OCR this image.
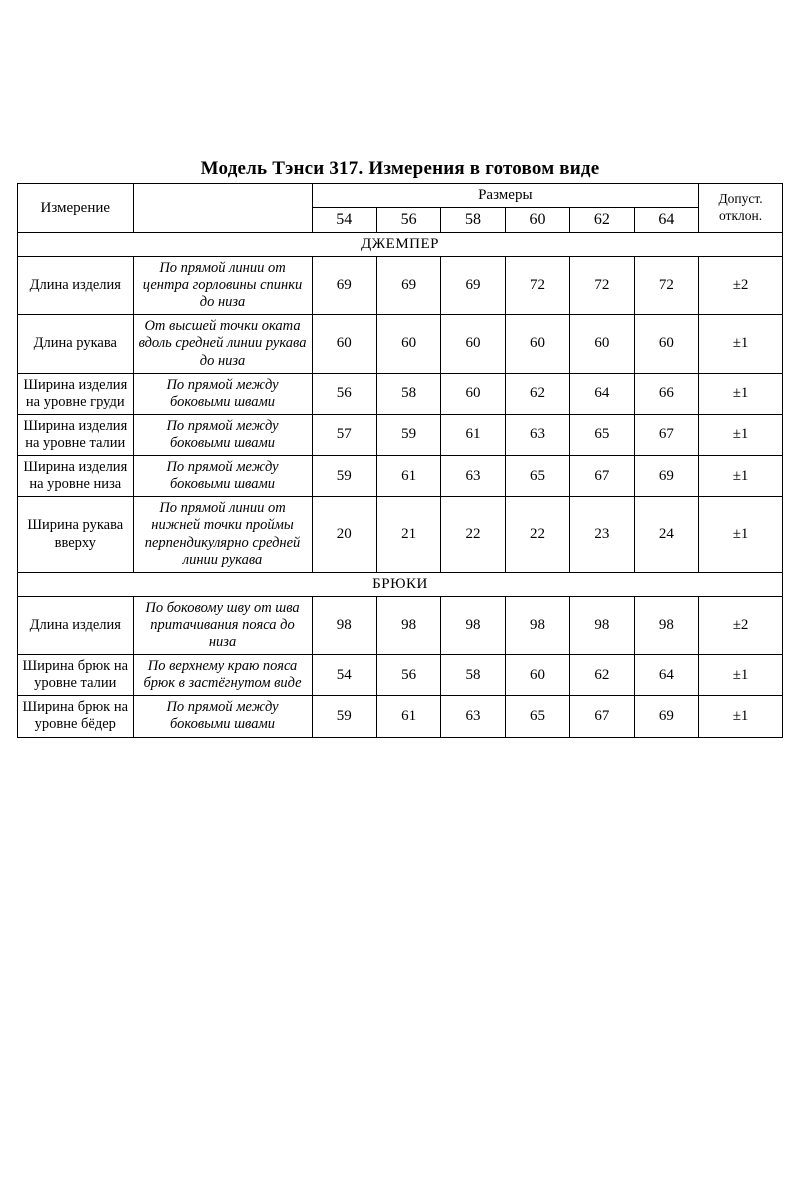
Модель Тэнси 317. Измерения в готовом виде
Измерение		Размеры						Допуст.
отклон.

		54	56	58	60	62	64	
ДЖЕМПЕР								
Длина изделия	По прямой линии от центра горловины спинки до низа	69	69	69	72	72	72	±2
Длина рукава	От высшей точки оката вдоль средней линии рукава до низа	60	60	60	60	60	60	±1
Ширина изделия на уровне груди	По прямой между боковыми швами	56	58	60	62	64	66	±1
Ширина изделия на уровне талии	По прямой между боковыми швами	57	59	61	63	65	67	±1
Ширина изделия на уровне низа	По прямой между боковыми швами	59	61	63	65	67	69	±1
Ширина рукава вверху	По прямой линии от нижней точки проймы перпендикулярно средней линии рукава	20	21	22	22	23	24	±1
БРЮКИ								
Длина изделия	По боковому шву от шва притачивания пояса до низа	98	98	98	98	98	98	±2
Ширина брюк на уровне талии	По верхнему краю пояса брюк в застёгнутом виде	54	56	58	60	62	64	±1
Ширина брюк на уровне бёдер	По прямой между боковыми швами	59	61	63	65	67	69	±1
